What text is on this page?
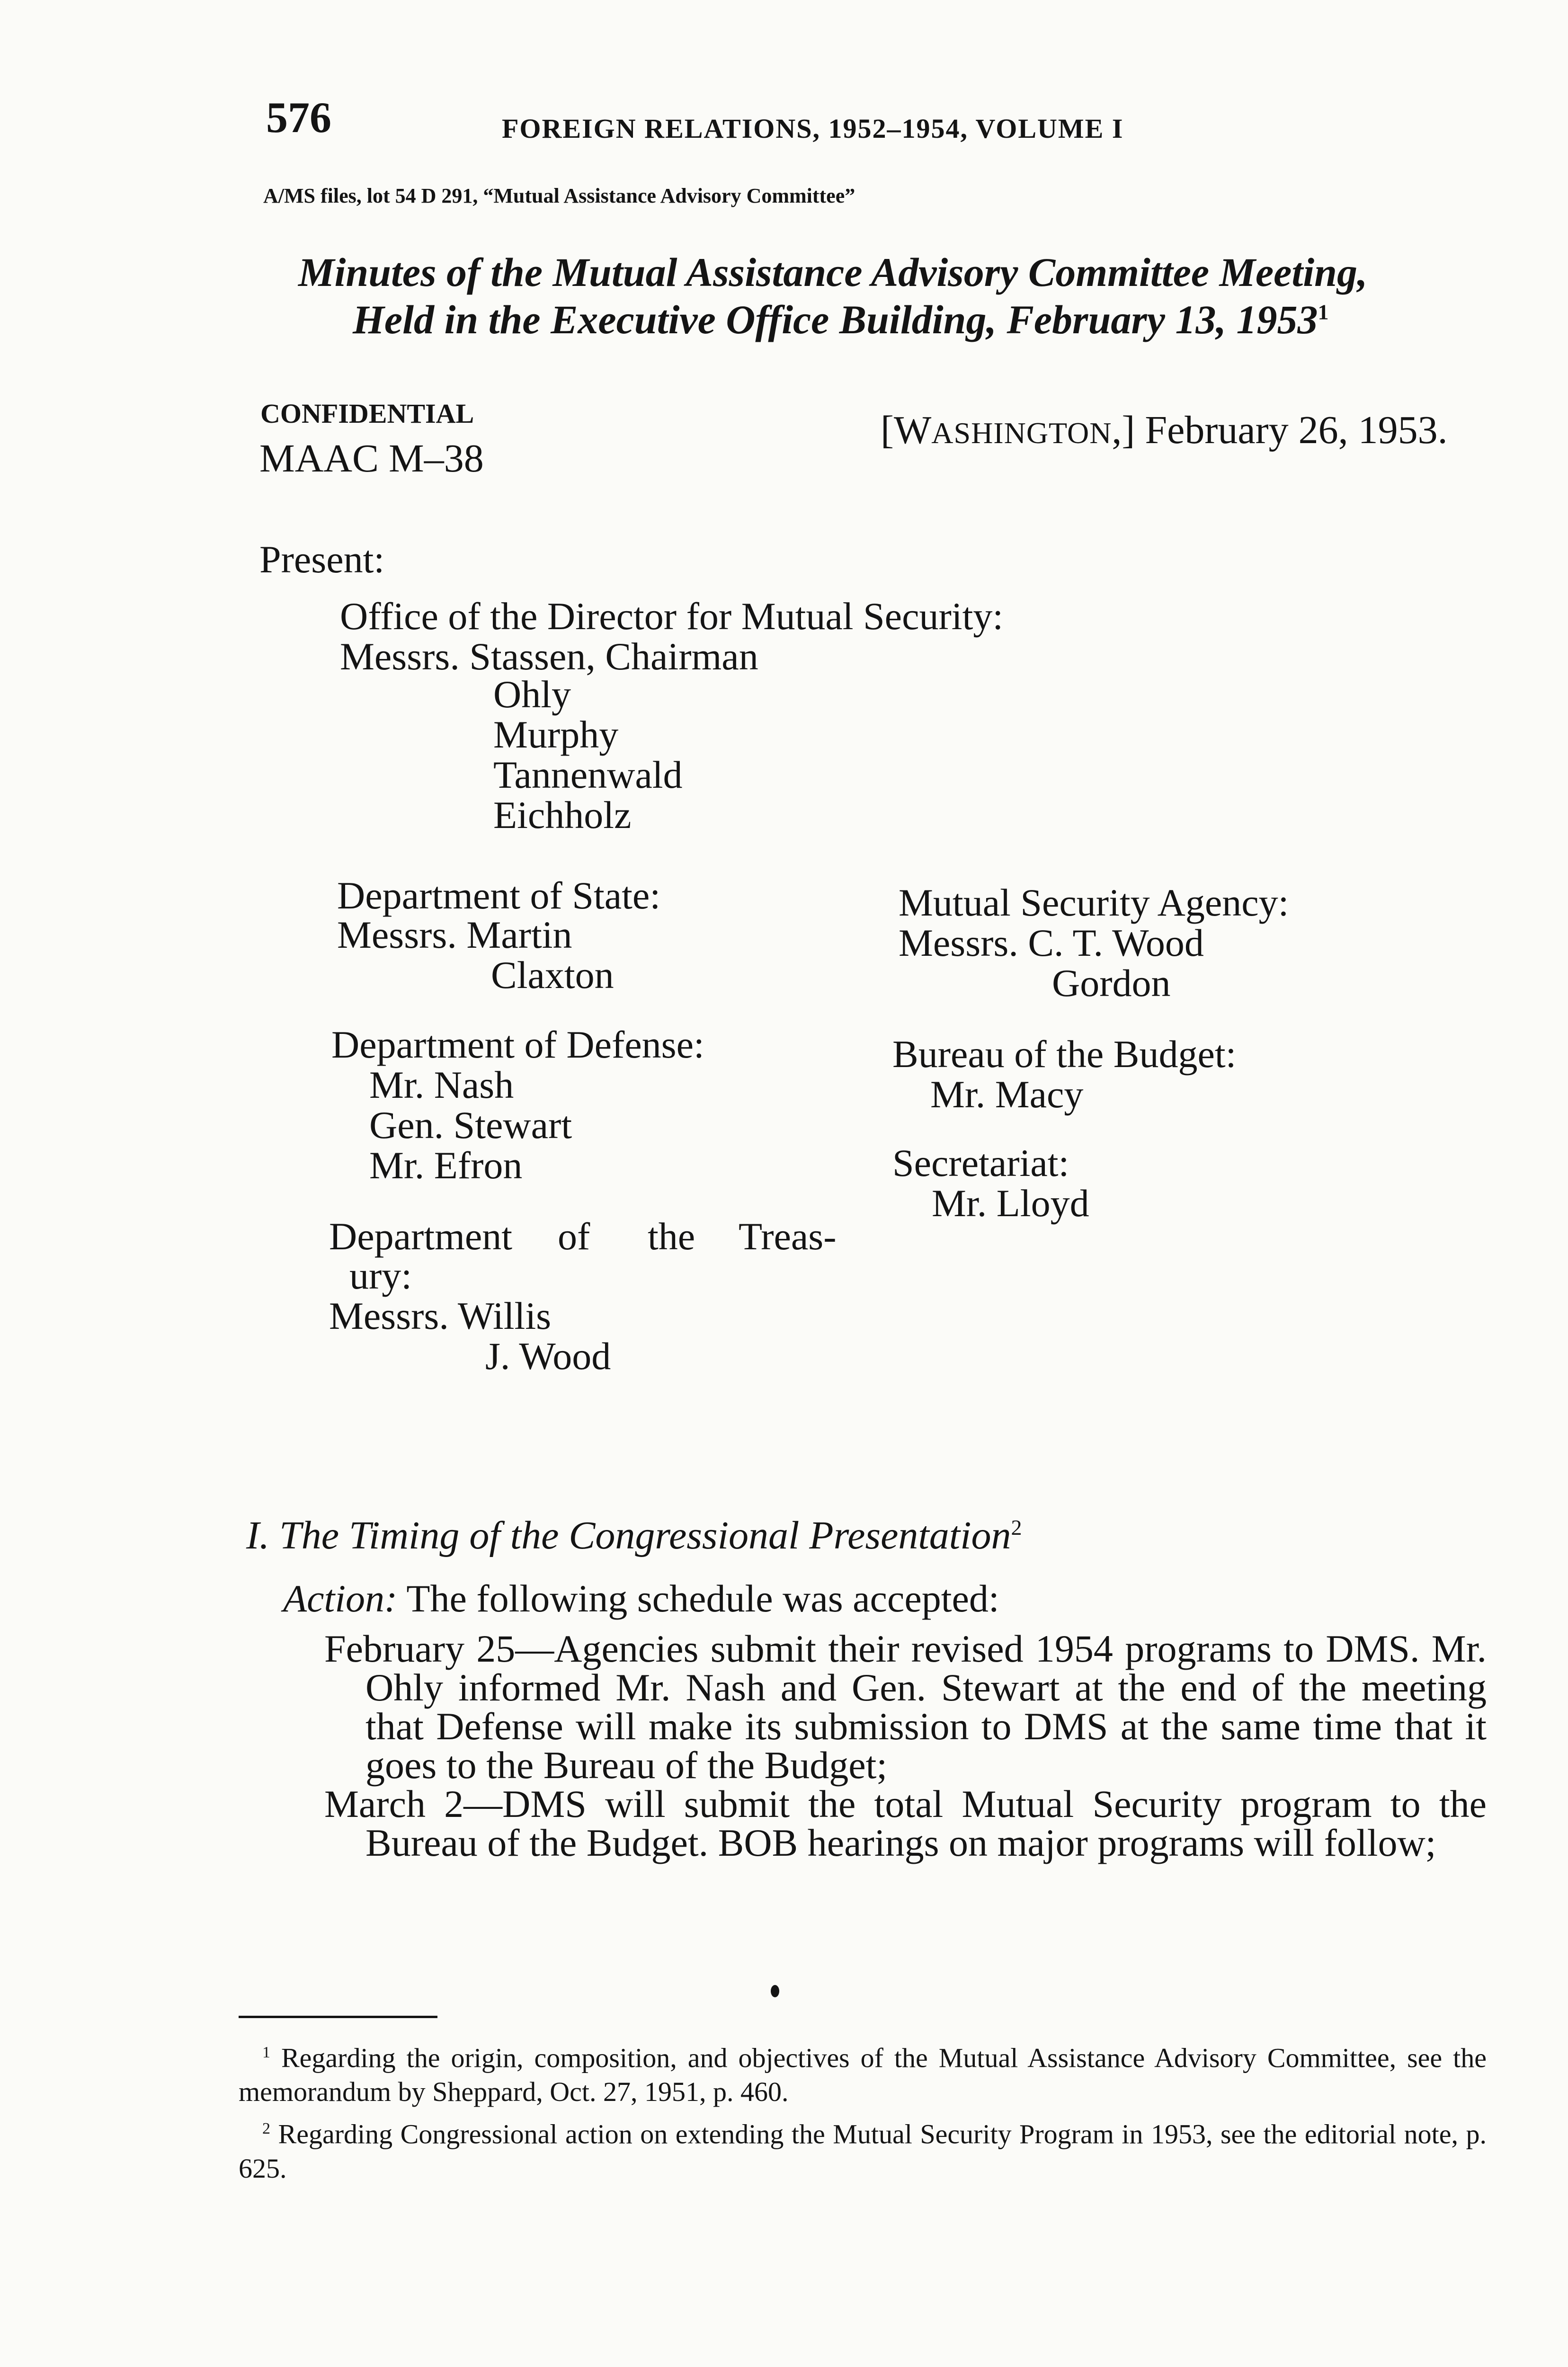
576	FOREIGN RELATIONS, 1952–1954, VOLUME I
A/MS files, lot 54 D 291, “Mutual Assistance Advisory Committee”
Minutes of the Mutual Assistance Advisory Committee Meeting,
Held in the Executive Office Building, February 13, 1953$^1$
CONFIDENTIAL
MAAC M–38
[WASHINGTON,] February 26, 1953.
Present:
Office of the Director for Mutual Security:
Messrs. Stassen, Chairman
Ohly
Murphy
Tannenwald
Eichholz
Department of State:
Messrs. Martin
Claxton
Department of Defense:
Mr. Nash
Gen. Stewart
Mr. Efron
Department of the Treas-
ury:
Messrs. Willis
J. Wood
Mutual Security Agency:
Messrs. C. T. Wood
Gordon
Bureau of the Budget:
Mr. Macy
Secretariat:
Mr. Lloyd
I. The Timing of the Congressional Presentation$^2$
Action: The following schedule was accepted:

February 25—Agencies submit their revised 1954 programs to DMS. Mr. Ohly informed Mr. Nash and Gen. Stewart at the end of the meeting that Defense will make its submission to DMS at the same time that it goes to the Bureau of the Budget;

March 2—DMS will submit the total Mutual Security program to the Bureau of the Budget. BOB hearings on major programs will follow;

$^1$ Regarding the origin, composition, and objectives of the Mutual Assistance Advisory Committee, see the memorandum by Sheppard, Oct. 27, 1951, p. 460.

$^2$ Regarding Congressional action on extending the Mutual Security Program in 1953, see the editorial note, p. 625.
